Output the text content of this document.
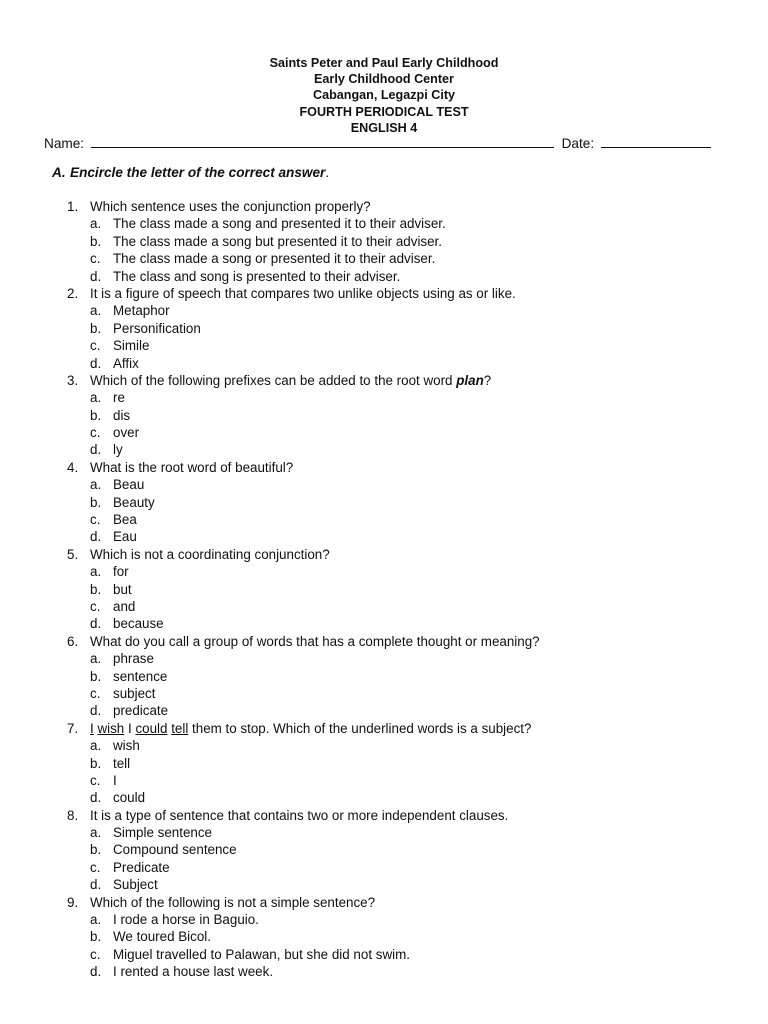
Saints Peter and Paul Early Childhood
Early Childhood Center
Cabangan, Legazpi City
FOURTH PERIODICAL TEST
ENGLISH 4
Name:	Date:
A. Encircle the letter of the correct answer.
1. Which sentence uses the conjunction properly?
a. The class made a song and presented it to their adviser.
b. The class made a song but presented it to their adviser.
c. The class made a song or presented it to their adviser.
d. The class and song is presented to their adviser.
2. It is a figure of speech that compares two unlike objects using as or like.
a. Metaphor
b. Personification
c. Simile
d. Affix
3. Which of the following prefixes can be added to the root word plan?
a. re
b. dis
c. over
d. ly
4. What is the root word of beautiful?
a. Beau
b. Beauty
c. Bea
d. Eau
5. Which is not a coordinating conjunction?
a. for
b. but
c. and
d. because
6. What do you call a group of words that has a complete thought or meaning?
a. phrase
b. sentence
c. subject
d. predicate
7. I wish I could tell them to stop. Which of the underlined words is a subject?
a. wish
b. tell
c. I
d. could
8. It is a type of sentence that contains two or more independent clauses.
a. Simple sentence
b. Compound sentence
c. Predicate
d. Subject
9. Which of the following is not a simple sentence?
a. I rode a horse in Baguio.
b. We toured Bicol.
c. Miguel travelled to Palawan, but she did not swim.
d. I rented a house last week.
